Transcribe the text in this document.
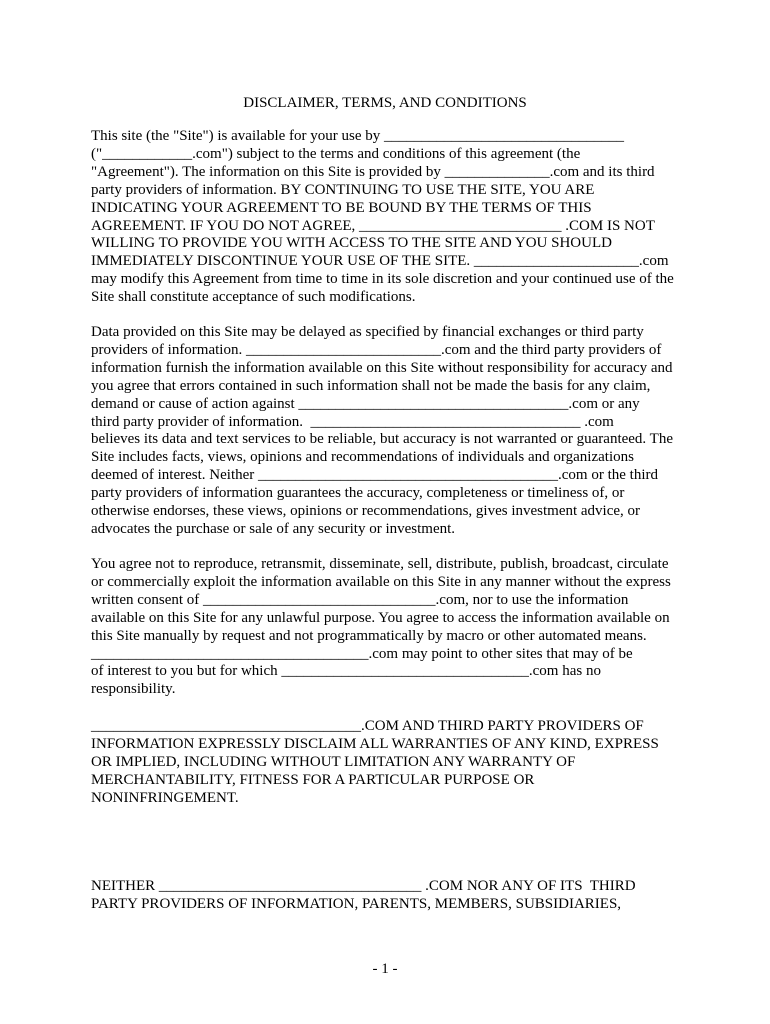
DISCLAIMER, TERMS, AND CONDITIONS
This site (the "Site") is available for your use by ________________________________
("____________.com") subject to the terms and conditions of this agreement (the
"Agreement"). The information on this Site is provided by ______________.com and its third
party providers of information. BY CONTINUING TO USE THE SITE, YOU ARE
INDICATING YOUR AGREEMENT TO BE BOUND BY THE TERMS OF THIS
AGREEMENT. IF YOU DO NOT AGREE, ___________________________ .COM IS NOT
WILLING TO PROVIDE YOU WITH ACCESS TO THE SITE AND YOU SHOULD
IMMEDIATELY DISCONTINUE YOUR USE OF THE SITE. ______________________.com
may modify this Agreement from time to time in its sole discretion and your continued use of the
Site shall constitute acceptance of such modifications.
Data provided on this Site may be delayed as specified by financial exchanges or third party
providers of information. __________________________.com and the third party providers of
information furnish the information available on this Site without responsibility for accuracy and
you agree that errors contained in such information shall not be made the basis for any claim,
demand or cause of action against ____________________________________.com or any
third party provider of information.  ____________________________________ .com
believes its data and text services to be reliable, but accuracy is not warranted or guaranteed. The
Site includes facts, views, opinions and recommendations of individuals and organizations
deemed of interest. Neither ________________________________________.com or the third
party providers of information guarantees the accuracy, completeness or timeliness of, or
otherwise endorses, these views, opinions or recommendations, gives investment advice, or
advocates the purchase or sale of any security or investment.
You agree not to reproduce, retransmit, disseminate, sell, distribute, publish, broadcast, circulate
or commercially exploit the information available on this Site in any manner without the express
written consent of _______________________________.com, nor to use the information
available on this Site for any unlawful purpose. You agree to access the information available on
this Site manually by request and not programmatically by macro or other automated means.
_____________________________________.com may point to other sites that may of be
of interest to you but for which _________________________________.com has no
responsibility.
____________________________________.COM AND THIRD PARTY PROVIDERS OF
INFORMATION EXPRESSLY DISCLAIM ALL WARRANTIES OF ANY KIND, EXPRESS
OR IMPLIED, INCLUDING WITHOUT LIMITATION ANY WARRANTY OF
MERCHANTABILITY, FITNESS FOR A PARTICULAR PURPOSE OR
NONINFRINGEMENT.
NEITHER ___________________________________ .COM NOR ANY OF ITS  THIRD
PARTY PROVIDERS OF INFORMATION, PARENTS, MEMBERS, SUBSIDIARIES,
- 1 -
